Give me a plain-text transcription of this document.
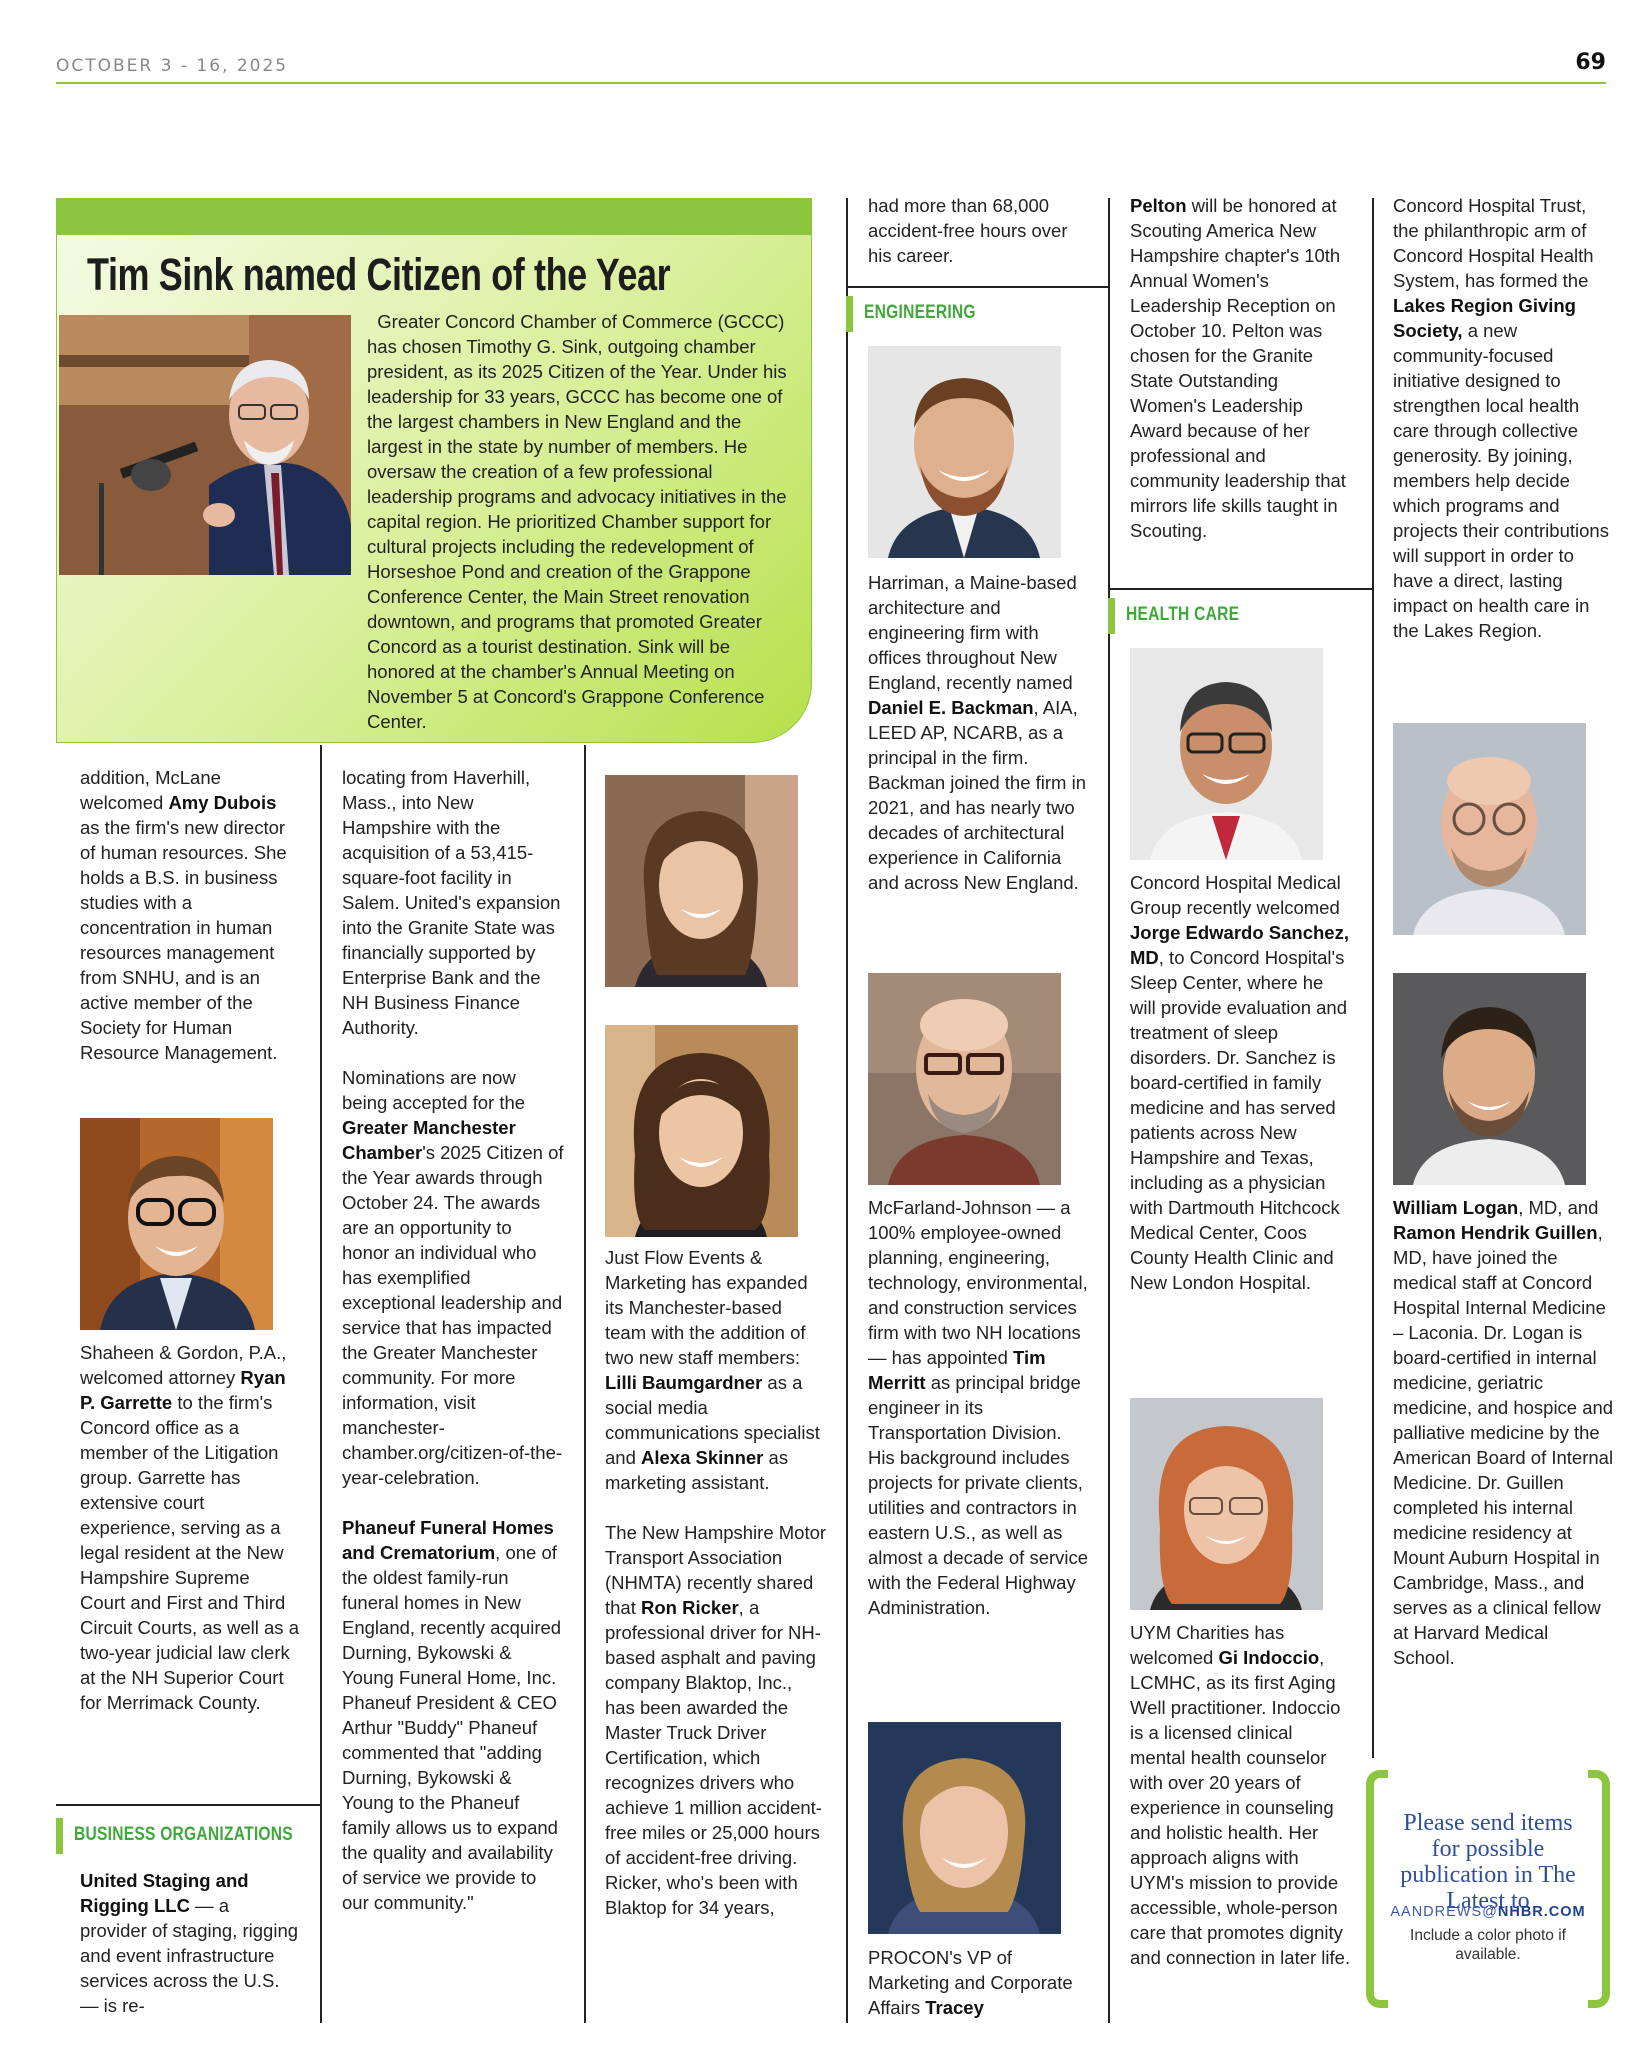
OCTOBER 3 - 16, 2025	69
Tim Sink named Citizen of the Year
Greater Concord Chamber of Commerce (GCCC) has chosen Timothy G. Sink, outgoing chamber president, as its 2025 Citizen of the Year. Under his leadership for 33 years, GCCC has become one of the largest chambers in New England and the largest in the state by number of members. He oversaw the creation of a few professional leadership programs and advocacy initiatives in the capital region. He prioritized Chamber support for cultural projects including the redevelopment of Horseshoe Pond and creation of the Grappone Conference Center, the Main Street renovation downtown, and programs that promoted Greater Concord as a tourist destination. Sink will be honored at the chamber's Annual Meeting on November 5 at Concord's Grappone Conference Center.

addition, McLane welcomed Amy Dubois as the firm's new director of human resources. She holds a B.S. in business studies with a concentration in human resources management from SNHU, and is an active member of the Society for Human Resource Management.

Shaheen & Gordon, P.A., welcomed attorney Ryan P. Garrette to the firm's Concord office as a member of the Litigation group. Garrette has extensive court experience, serving as a legal resident at the New Hampshire Supreme Court and First and Third Circuit Courts, as well as a two-year judicial law clerk at the NH Superior Court for Merrimack County.

BUSINESS ORGANIZATIONS

United Staging and Rigging LLC — a provider of staging, rigging and event infrastructure services across the U.S. — is re-

locating from Haverhill, Mass., into New Hampshire with the acquisition of a 53,415-square-foot facility in Salem. United's expansion into the Granite State was financially supported by Enterprise Bank and the NH Business Finance Authority.

Nominations are now being accepted for the Greater Manchester Chamber's 2025 Citizen of the Year awards through October 24. The awards are an opportunity to honor an individual who has exemplified exceptional leadership and service that has impacted the Greater Manchester community. For more information, visit manchester-chamber.org/citizen-of-the-year-celebration.

Phaneuf Funeral Homes and Crematorium, one of the oldest family-run funeral homes in New England, recently acquired Durning, Bykowski & Young Funeral Home, Inc. Phaneuf President & CEO Arthur "Buddy" Phaneuf commented that "adding Durning, Bykowski & Young to the Phaneuf family allows us to expand the quality and availability of service we provide to our community."

Just Flow Events & Marketing has expanded its Manchester-based team with the addition of two new staff members: Lilli Baumgardner as a social media communications specialist and Alexa Skinner as marketing assistant.

The New Hampshire Motor Transport Association (NHMTA) recently shared that Ron Ricker, a professional driver for NH-based asphalt and paving company Blaktop, Inc., has been awarded the Master Truck Driver Certification, which recognizes drivers who achieve 1 million accident-free miles or 25,000 hours of accident-free driving. Ricker, who's been with Blaktop for 34 years,

had more than 68,000 accident-free hours over his career.

ENGINEERING

Harriman, a Maine-based architecture and engineering firm with offices throughout New England, recently named Daniel E. Backman, AIA, LEED AP, NCARB, as a principal in the firm. Backman joined the firm in 2021, and has nearly two decades of architectural experience in California and across New England.

McFarland-Johnson — a 100% employee-owned planning, engineering, technology, environmental, and construction services firm with two NH locations — has appointed Tim Merritt as principal bridge engineer in its Transportation Division. His background includes projects for private clients, utilities and contractors in eastern U.S., as well as almost a decade of service with the Federal Highway Administration.

PROCON's VP of Marketing and Corporate Affairs Tracey

Pelton will be honored at Scouting America New Hampshire chapter's 10th Annual Women's Leadership Reception on October 10. Pelton was chosen for the Granite State Outstanding Women's Leadership Award because of her professional and community leadership that mirrors life skills taught in Scouting.

HEALTH CARE

Concord Hospital Medical Group recently welcomed Jorge Edwardo Sanchez, MD, to Concord Hospital's Sleep Center, where he will provide evaluation and treatment of sleep disorders. Dr. Sanchez is board-certified in family medicine and has served patients across New Hampshire and Texas, including as a physician with Dartmouth Hitchcock Medical Center, Coos County Health Clinic and New London Hospital.

UYM Charities has welcomed Gi Indoccio, LCMHC, as its first Aging Well practitioner. Indoccio is a licensed clinical mental health counselor with over 20 years of experience in counseling and holistic health. Her approach aligns with UYM's mission to provide accessible, whole-person care that promotes dignity and connection in later life.

Concord Hospital Trust, the philanthropic arm of Concord Hospital Health System, has formed the Lakes Region Giving Society, a new community-focused initiative designed to strengthen local health care through collective generosity. By joining, members help decide which programs and projects their contributions will support in order to have a direct, lasting impact on health care in the Lakes Region.

William Logan, MD, and Ramon Hendrik Guillen, MD, have joined the medical staff at Concord Hospital Internal Medicine – Laconia. Dr. Logan is board-certified in internal medicine, geriatric medicine, and hospice and palliative medicine by the American Board of Internal Medicine. Dr. Guillen completed his internal medicine residency at Mount Auburn Hospital in Cambridge, Mass., and serves as a clinical fellow at Harvard Medical School.

Please send items for possible publication in The Latest to
AANDREWS@NHBR.COM
Include a color photo if available.
